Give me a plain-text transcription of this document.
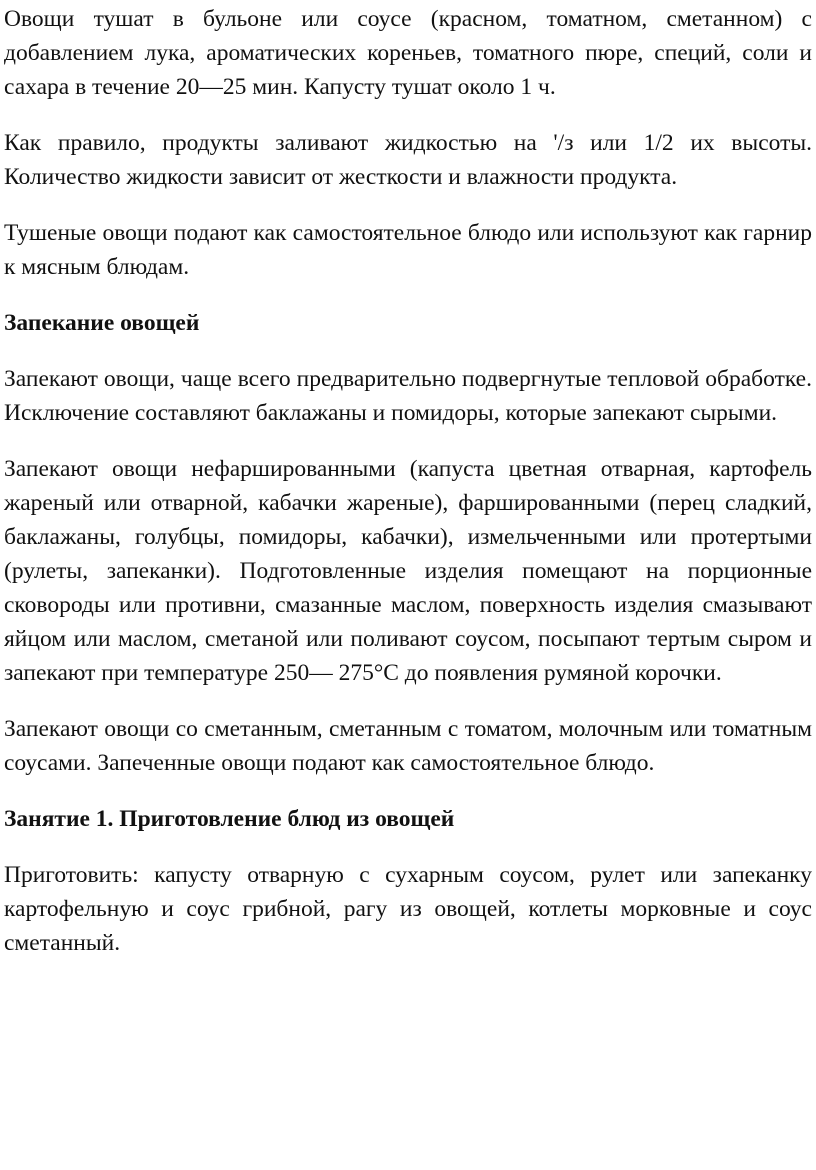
Овощи тушат в бульоне или соусе (красном, томатном, сметанном) с добавлением лука, ароматических кореньев, томатного пюре, специй, соли и сахара в течение 20—25 мин. Капусту тушат около 1 ч.

Как правило, продукты заливают жидкостью на '/з или 1/2 их высоты. Количество жидкости зависит от жесткости и влажности продукта.

Тушеные овощи подают как самостоятельное блюдо или используют как гарнир к мясным блюдам.

Запекание овощей

Запекают овощи, чаще всего предварительно подвергнутые тепловой обработке. Исключение составляют баклажаны и помидоры, которые запекают сырыми.

Запекают овощи нефаршированными (капуста цветная отварная, картофель жареный или отварной, кабачки жареные), фаршированными (перец сладкий, баклажаны, голубцы, помидоры, кабачки), измельченными или протертыми (рулеты, запеканки). Подготовленные изделия помещают на порционные сковороды или противни, смазанные маслом, поверхность изделия смазывают яйцом или маслом, сметаной или поливают соусом, посыпают тертым сыром и запекают при температуре 250— 275°С до появления румяной корочки.

Запекают овощи со сметанным, сметанным с томатом, молочным или томатным соусами. Запеченные овощи подают как самостоятельное блюдо.

Занятие 1. Приготовление блюд из овощей

Приготовить: капусту отварную с сухарным соусом, рулет или запеканку картофельную и соус грибной, рагу из овощей, котлеты морковные и соус сметанный.
